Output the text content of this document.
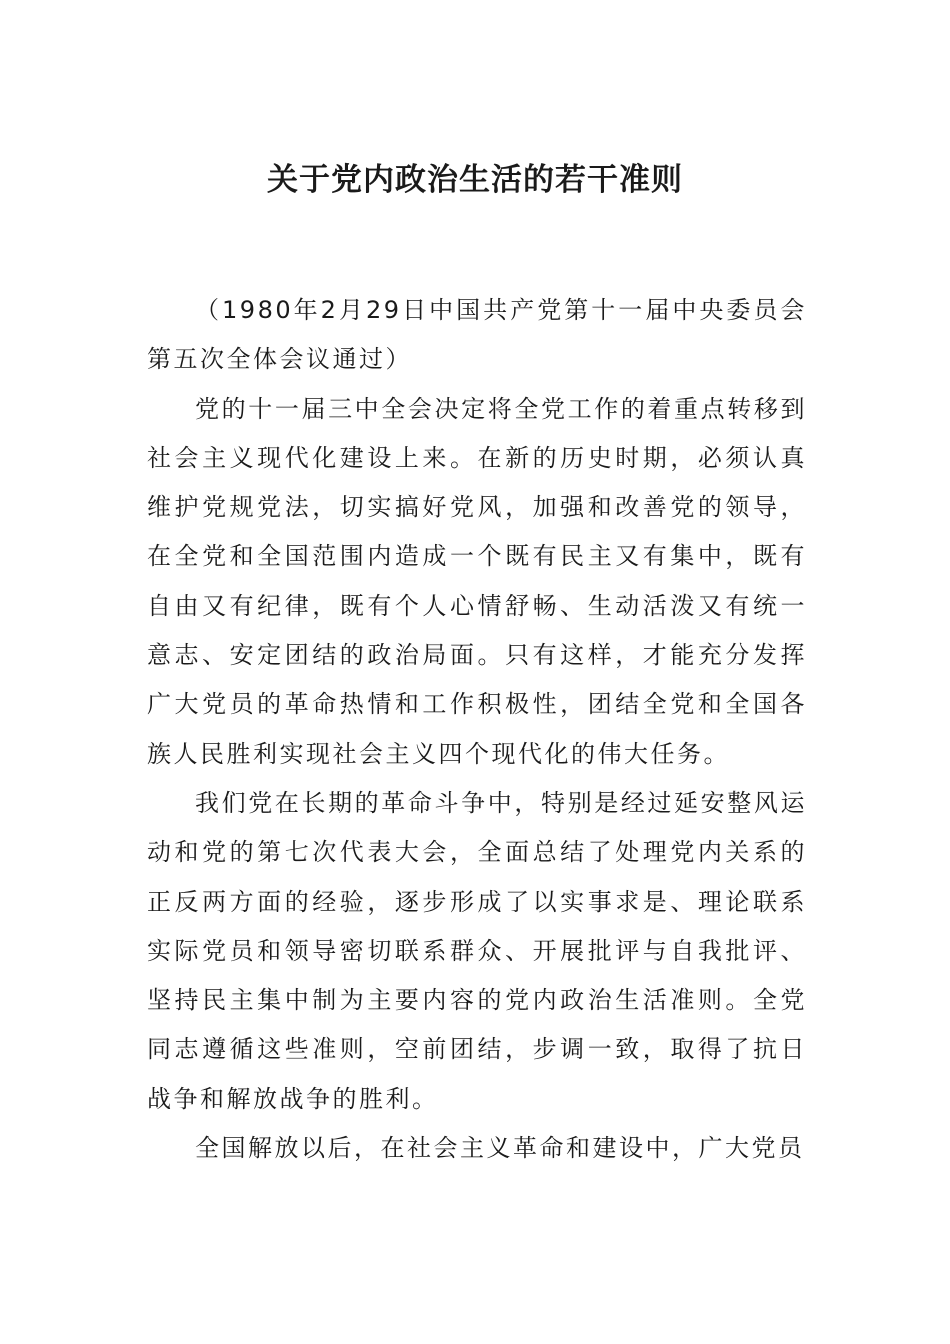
关于党内政治生活的若干准则

（1980年2月29日中国共产党第十一届中央委员会第五次全体会议通过）

党的十一届三中全会决定将全党工作的着重点转移到社会主义现代化建设上来。在新的历史时期，必须认真维护党规党法，切实搞好党风，加强和改善党的领导，在全党和全国范围内造成一个既有民主又有集中，既有自由又有纪律，既有个人心情舒畅、生动活泼又有统一意志、安定团结的政治局面。只有这样，才能充分发挥广大党员的革命热情和工作积极性，团结全党和全国各族人民胜利实现社会主义四个现代化的伟大任务。

我们党在长期的革命斗争中，特别是经过延安整风运动和党的第七次代表大会，全面总结了处理党内关系的正反两方面的经验，逐步形成了以实事求是、理论联系实际党员和领导密切联系群众、开展批评与自我批评、坚持民主集中制为主要内容的党内政治生活准则。全党同志遵循这些准则，空前团结，步调一致，取得了抗日战争和解放战争的胜利。

全国解放以后，在社会主义革命和建设中，广大党员
